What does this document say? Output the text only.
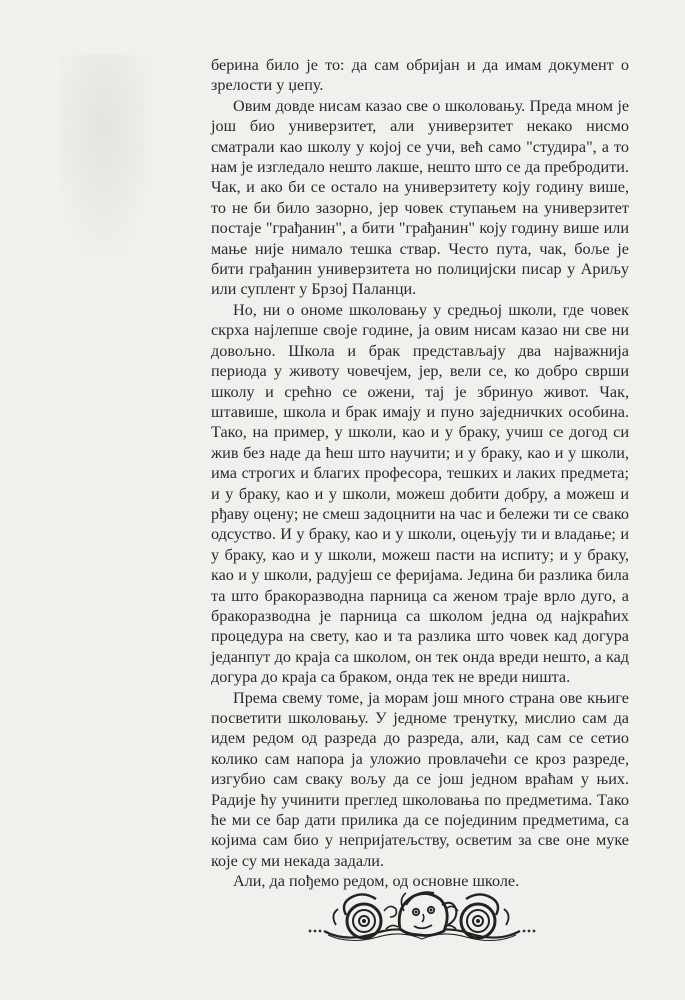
берина било је то: да сам обријан и да имам документ о зрелости у џепу.

Овим довде нисам казао све о школовању. Преда мном је још био универзитет, али универзитет некако нисмо сматрали као школу у којој се учи, већ само "студира", а то нам је изгледало нешто лакше, нешто што се да пребродити. Чак, и ако би се остало на универзитету коју годину више, то не би било зазорно, јер човек ступањем на универзитет постаје "грађанин", а бити "грађанин" коју годину више или мање није нимало тешка ствар. Често пута, чак, боље је бити грађанин универзитета но полицијски писар у Ариљу или суплент у Брзој Паланци.

Но, ни о ономе школовању у средњој школи, где човек скрха најлепше своје године, ја овим нисам казао ни све ни довољно. Школа и брак представљају два најважнија периода у животу човечјем, јер, вели се, ко добро сврши школу и срећно се ожени, тај је збринуо живот. Чак, штавише, школа и брак имају и пуно заједничких особина. Тако, на пример, у школи, као и у браку, учиш се догод си жив без наде да ћеш што научити; и у браку, као и у школи, има строгих и благих професора, тешких и лаких предмета; и у браку, као и у школи, можеш добити добру, а можеш и рђаву оцену; не смеш задоцнити на час и бележи ти се свако одсуство. И у браку, као и у школи, оцењују ти и владање; и у браку, као и у школи, можеш пасти на испиту; и у браку, као и у школи, радујеш се феријама. Једина би разлика била та што бракоразводна парница са женом траје врло дуго, а бракоразводна је парница са школом једна од најкраћих процедура на свету, као и та разлика што човек кад догура једанпут до краја са школом, он тек онда вреди нешто, а кад догура до краја са браком, онда тек не вреди ништа.

Према свему томе, ја морам још много страна ове књиге посветити школовању. У једноме тренутку, мислио сам да идем редом од разреда до разреда, али, кад сам се сетио колико сам напора ја уложио провлачећи се кроз разреде, изгубио сам сваку вољу да се још једном враћам у њих. Радије ћу учинити преглед школовања по предметима. Тако ће ми се бар дати прилика да се појединим предметима, са којима сам био у непријатељству, осветим за све оне муке које су ми некада задали.

Али, да пођемо редом, од основне школе.
